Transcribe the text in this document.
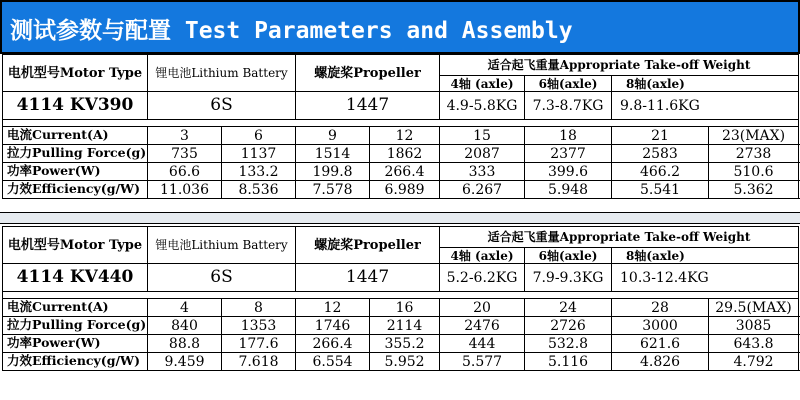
测试参数与配置 Test Parameters and Assembly
电机型号Motor Type	锂电池Lithium Battery		螺旋桨Propeller		适合起飞重量Appropriate Take-off Weight			
					4轴 (axle)	6轴(axle)	8轴(axle)	
4114 KV390	6S		1447		4.9-5.8KG	7.3-8.7KG	9.8-11.6KG	

电流Current(A)	3	6	9	12	15	18	21	23(MAX)
拉力Pulling Force(g)	735	1137	1514	1862	2087	2377	2583	2738
功率Power(W)	66.6	133.2	199.8	266.4	333	399.6	466.2	510.6
力效Efficiency(g/W)	11.036	8.536	7.578	6.989	6.267	5.948	5.541	5.362
电机型号Motor Type	锂电池Lithium Battery		螺旋桨Propeller		适合起飞重量Appropriate Take-off Weight			
					4轴 (axle)	6轴(axle)	8轴(axle)	
4114 KV440	6S		1447		5.2-6.2KG	7.9-9.3KG	10.3-12.4KG	

电流Current(A)	4	8	12	16	20	24	28	29.5(MAX)
拉力Pulling Force(g)	840	1353	1746	2114	2476	2726	3000	3085
功率Power(W)	88.8	177.6	266.4	355.2	444	532.8	621.6	643.8
力效Efficiency(g/W)	9.459	7.618	6.554	5.952	5.577	5.116	4.826	4.792
